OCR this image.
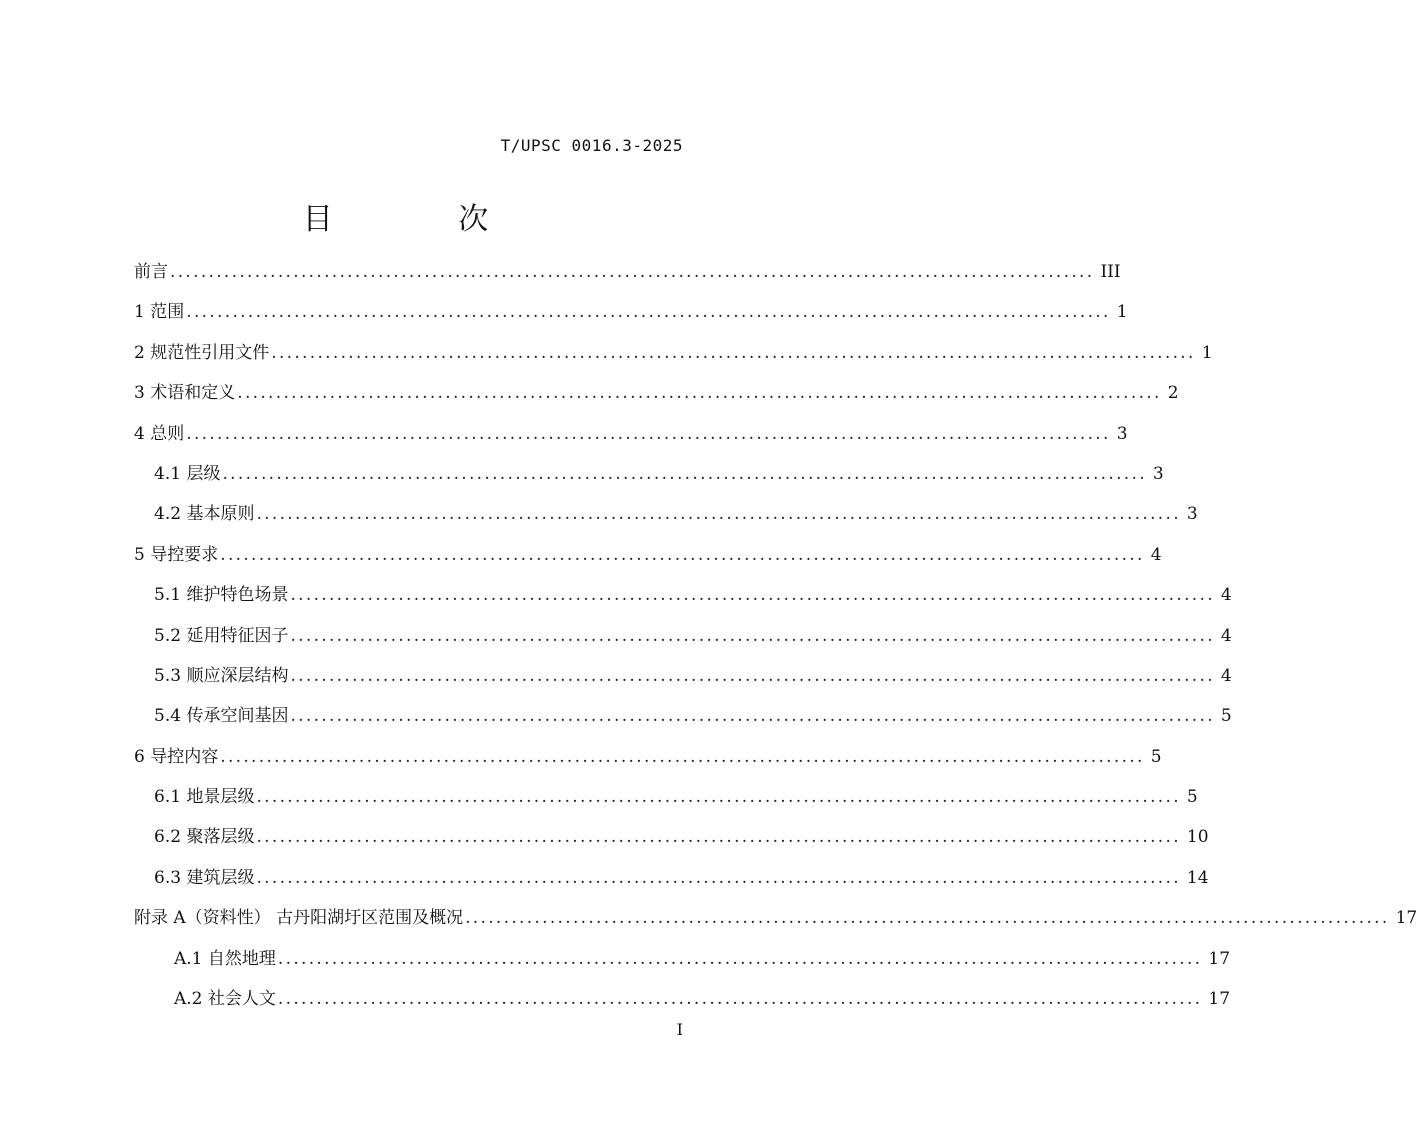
T/UPSC 0016.3-2025
目 次
前言 ........................................................................................................................ III
1 范围 ........................................................................................................................ 1
2 规范性引用文件 ........................................................................................................................ 1
3 术语和定义 ........................................................................................................................ 2
4 总则 ........................................................................................................................ 3
4.1 层级 ........................................................................................................................ 3
4.2 基本原则 ........................................................................................................................ 3
5 导控要求 ........................................................................................................................ 4
5.1 维护特色场景 ........................................................................................................................ 4
5.2 延用特征因子 ........................................................................................................................ 4
5.3 顺应深层结构 ........................................................................................................................ 4
5.4 传承空间基因 ........................................................................................................................ 5
6 导控内容 ........................................................................................................................ 5
6.1 地景层级 ........................................................................................................................ 5
6.2 聚落层级 ........................................................................................................................ 10
6.3 建筑层级 ........................................................................................................................ 14
附录 A（资料性） 古丹阳湖圩区范围及概况 ........................................................................................................................ 17
A.1 自然地理 ........................................................................................................................ 17
A.2 社会人文 ........................................................................................................................ 17
I
